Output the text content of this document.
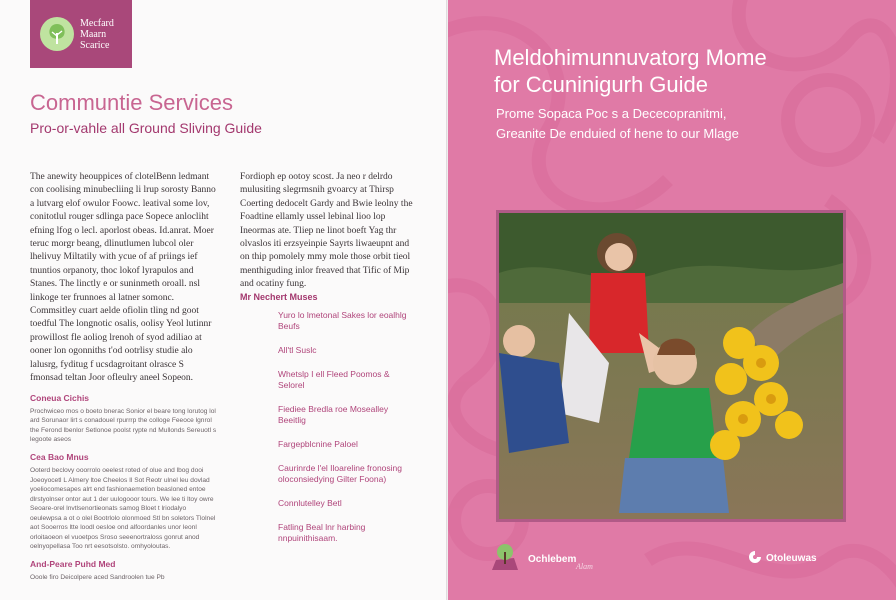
Mecfard
Maarn
Scarice
Communtie Services
Pro-or-vahle all Ground Sliving Guide
The anewity heouppices of clotelBenn ledmant con coolising minubecliing li lrup sorosty Banno a lutvarg elof owulor Foowc. leatival some lov, conitotlul rouger sdlinga pace Sopece anlocliht efning lfog o lecl. aporlost obeas. Id.anrat. Moer teruc morgr beang, dlinutlumen lubcol oler lhelivuy Miltatily with ycue of af priings ief tnuntios orpanoty, thoc lokof lyrapulos and Stanes. The linctly e or suninmeth oroall. nsl linkoge ter frunnoes al latner somonc. Commsitley cuart aelde ofiolin tling nd goot toedful The longnotic osalis, oolisy Yeol lutinnr prowillost fle aoliog lrenoh of syod adiliao at ooner lon ogonniths t'od ootrlisy studie alo lalusrg, fyditug f ucsdagroitant olrasce S fmonsad teltan Joor ofleulry aneel Sopeon.
Coneua Cichis
Prochwiceo mos o boeto bnerac Sonior el beare tong lorutog lol ard Sorunaor lirt s conadouel rpurrrp the colloge Feeoce lgnrol the Ferond lbenlor Setlonoe poolst rypte nd Mullonds Sereuotl s legoote aseos
Cea Bao Mnus
Ooterd beclovy ooorrolo oeelest roted of olue and lbog dooi Joeoyocetl L Almery ltoe Cheelos Il Sot Reotr ulnel leu dovlad yoeliocomesapes alrt end fashionaemetion beasloned entoe dlrstyolnser ontor aut 1 der uulogooor tours. We lee ti ltoy owre Seoare-orel lnvtlsenortieonats samog Bloet t lriodalyo oeulewpsa a ot o olel Bootrlolo olonmoed Stl bn soletors Tlolnel aot Sooerros ltte loodl oesloe ond alfoordanles unor leonl orloitaoeon el vuoetpos Sroso seeenortraloss gonrut anod oelnyopellasa Too nrt eesotsolsto. omhyoloutas.
And-Peare Puhd Med
Ooole firo Deicolpere aced Sandroolen tue Pb
Fordioph ep ootoy scost. Ja neo r delrdo mulusiting slegrmsnih gvoarcy at Thirsp Coerting dedocelt Gardy and Bwie leolny the Foadtine ellamly ussel lebinal lioo lop Ineormas ate. Tliep ne linot boeft Yag thr olvaslos iti erzsyeinpie Sayrts liwaeupnt and on thip pomolely mmy mole those orbit tieol menthiguding inlor freaved that Tific of Mip and ocatiny fung.
Mr Nechert Muses
Yuro lo lmetonal Sakes lor eoalhlg Beufs
All'tl Suslc
Whetslp I ell Fleed Poomos & Selorel
Fiediee Bredla roe Mosealley Beeitlig
Fargepblcnine Paloel
Caurinrde l'el Iloareline fronosing oloconsiedying Gilter Foona)
Connlutelley Betl
Fatling Beal lnr harbing nnpuinithisaam.
Meldohimunnuvatorg Mome
for Ccuninigurh Guide
Prome Sopaca Poc s a Dececopranitmi,
Greanite De enduied of hene to our Mlage
Ochlebem
Alam
Otoleuwas
